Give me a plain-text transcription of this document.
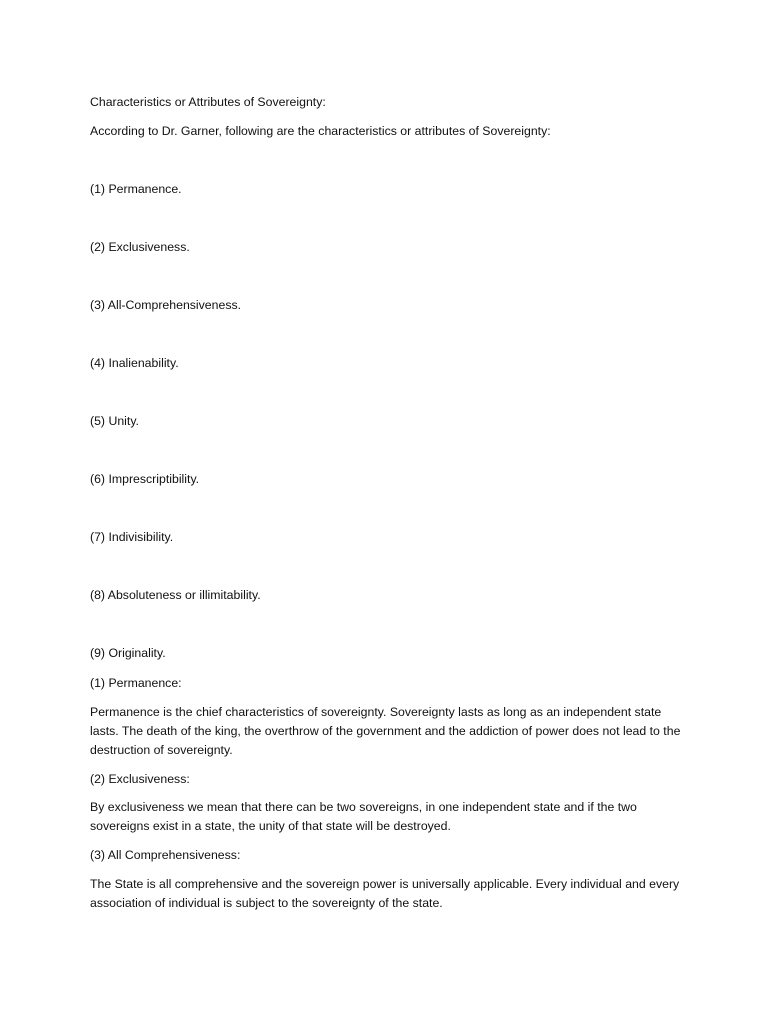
Characteristics or Attributes of Sovereignty:

According to Dr. Garner, following are the characteristics or attributes of Sovereignty:

(1) Permanence.

(2) Exclusiveness.

(3) All-Comprehensiveness.

(4) Inalienability.

(5) Unity.

(6) Imprescriptibility.

(7) Indivisibility.

(8) Absoluteness or illimitability.

(9) Originality.

(1) Permanence:

Permanence is the chief characteristics of sovereignty. Sovereignty lasts as long as an independent state lasts. The death of the king, the overthrow of the government and the addiction of power does not lead to the destruction of sovereignty.

(2) Exclusiveness:

By exclusiveness we mean that there can be two sovereigns, in one independent state and if the two sovereigns exist in a state, the unity of that state will be destroyed.

(3) All Comprehensiveness:

The State is all comprehensive and the sovereign power is universally applicable. Every individual and every association of individual is subject to the sovereignty of the state.
